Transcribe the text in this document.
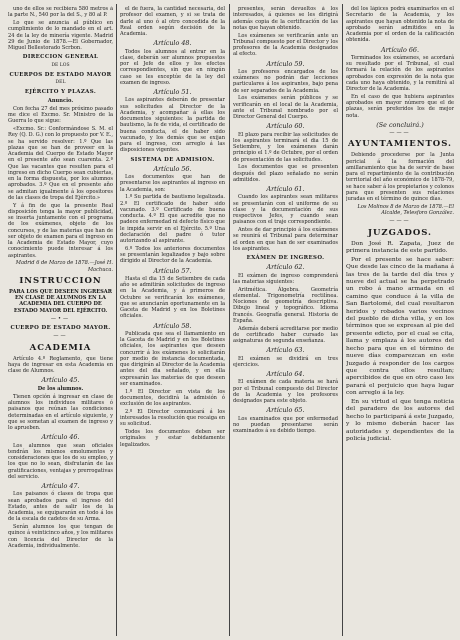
uno de ellos se recibiera 580 metros á la parte N., 540 por la del S., y 80 al P.

Lo que se anuncia al público en cumplimiento de lo mandado en el art. 24 de la ley de minería vigente. Madrid 29 de Junio de 1878.—El Gobernador, Miguel Bellestorado Scrbon.

DIRECCION GENERAL
DE LOS
CUERPOS DE ESTADO MAYOR
DEL
EJÉRCITO Y PLAZAS.
Anuncio.

Con fecha 27 del mes próximo pasado me dice el Excmo. Sr. Ministro de la Guerra lo que sigue:

«Excmo. Sr.: Conformándose S. M. el Rey (Q. D. G.) con lo propuesto por V. E., se ha servido resolver: 1.º Que las plazas que se han de proveer en la Academia del Cuerpo de Estado Mayor en el presente año sean cuarenta. 2.º Que las vacantes que resulten para el ingreso en dicho Cuerpo sean cubiertas, en la forma dispuesta, por los alumnos aprobados. 3.º Que en el presente año se admitan igualmente á los opositores de las clases de tropa del Ejército.»

Y á fin de que la presente Real disposición tenga la mayor publicidad, se inserta juntamente con el programa de los exámenes, objeto de los concursos, y de las materias que han de ser objeto de examen para el ingreso en la Academia de Estado Mayor, cuyo conocimiento puede interesar á los aspirantes.

Madrid 6 de Marzo de 1878.—José H. Machuca.

INSTRUCCION

PARA LOS QUE DESEEN INGRESAR EN CLASE DE ALUMNOS EN LA ACADEMIA DEL CUERPO DE ESTADO MAYOR DEL EJÉRCITO.

—•—
CUERPO DE ESTADO MAYOR.
——
ACADEMIA

Artículo 4.º Reglamento, que tiene haya de ingresar en esta Academia en clase de Alumnos.

Artículo 45.
De los alumnos.

Tienen opción á ingresar en clase de alumnos los individuos militares ó paisanos que reúnan las condiciones determinadas en el artículo siguiente, y que se sometan al examen de ingreso y lo aprueben.

Artículo 46.

Los alumnos que sean oficiales tendrán los mismos emolumentos y consideraciones que los de su empleo, y los que no lo sean, disfrutarán de las gratificaciones, ventajas y prerrogativas del servicio.

Artículo 47.

Los paisanos ó clases de tropa que sean aprobados para el ingreso del Estado, antes de salir los de la Academia, se equipararán en todo á los de la escala de cadetes de su Arma.

Serán alumnos los que tengan de quince á veinticinco años, y los militares con licencia del Director de la Academia, individualmente.

el de fuera, la cantidad necesaria, del profesor del examen, y si se trata de darle al uno ó al otro concedida de la Real orden según decisión de la Academia.

Artículo 48.

Todos los alumnos al entrar en la clase, deberán ser alumnos propuestos por el Jefe de ellos y los efectos correspondientes, sin que en ningún caso se les exceptúe de la ley del examen de ingreso.

Artículo 51.

Los aspirantes deberán de presentar sus solicitudes al Director de la Academia, y acompañar á ellas los documentos siguientes: la partida de bautismo, la fe de vida, el certificado de buena conducta, el de haber sido vacunado, y los demás que se exijan para el ingreso, con arreglo á las disposiciones vigentes.

SISTEMA DE ADMISION.
Artículo 56.

Los documentos que han de presentarse los aspirantes al ingreso en la Academia, son:

1.º Su partida de bautismo legalizada. 2.º El certificado de haber sido vacunado. 3.º Certificado de buena conducta. 4.º El que acredite que no padece enfermedad ni defecto físico que le impida servir en el Ejército. 5.º Una declaración del padre ó tutor autorizando al aspirante.

6.º Todos los anteriores documentos se presentarán legalizados y bajo sobre dirigido al Director de la Academia.

Artículo 57.

Hasta el dia 15 de Setiembre de cada año se admitirán solicitudes de ingreso en la Academia, y á primeros de Octubre se verificarán los exámenes, que se anunciarán oportunamente en la Gaceta de Madrid y en los Boletines oficiales.

Artículo 58.

Publicada que sea el llamamiento en la Gaceta de Madrid y en los Boletines oficiales, los aspirantes que deseen concurrir á los exámenes lo solicitarán por medio de instancia documentada, que dirigirán al Director de la Academia antes del dia señalado, y en ella expresarán las materias de que deseen ser examinados.

1.º El Director en vista de los documentos, decidirá la admisión ó exclusión de los aspirantes.

2.º El Director comunicará á los interesados la resolución que recaiga en su solicitud.

Todos los documentos deben ser originales y estar debidamente legalizados.

presentes, serán devueltos á los interesados, á quienes se les dirigirá además copia de la certificación de las notas que hayan obtenido.

Los exámenes se verificarán ante un Tribunal compuesto por el Director y los profesores de la Academia designados al efecto.

Artículo 59.

Los profesores encargados de los exámenes no podrán dar lecciones particulares á los aspirantes, bajo pena de ser separados de la Academia.

Los exámenes serán públicos y se verificarán en el local de la Academia, ante el Tribunal nombrado por el Director General del Cuerpo.

Artículo 60.

El plazo para recibir las solicitudes de los aspirantes terminará el dia 15 de Setiembre, y los exámenes darán principio el 1.º de Octubre, por el orden de presentación de las solicitudes.

Los documentos que se presenten después del plazo señalado no serán admitidos.

Artículo 61.

Cuando los aspirantes sean militares se presentarán con el uniforme de su clase y la documentación de sus respectivos Jefes, y cuando sean paisanos con el traje correspondiente.

Antes de dar principio á los exámenes se reunirá el Tribunal para determinar el orden en que han de ser examinados los aspirantes.

EXÁMEN DE INGRESO.
Artículo 62.

El exámen de ingreso comprenderá las materias siguientes:

Aritmética. Álgebra. Geometría elemental. Trigonometría rectilínea. Nociones de geometría descriptiva. Dibujo lineal y topográfico. Idioma francés. Geografía general. Historia de España.

Además deberá acreditarse por medio de certificado haber cursado las asignaturas de segunda enseñanza.

Artículo 63.

El exámen se dividirá en tres ejercicios.

Artículo 64.

El exámen de cada materia se hará por el Tribunal compuesto del Director de la Academia y los profesores designados para este objeto.

Artículo 65.

Los examinados que por enfermedad no puedan presentarse serán examinados á su debido tiempo.

del los lápices podrá examinarlos en el Secretario de la Academia, y los aspirantes que hayan obtenido la nota de aprobado serán admitidos en la Academia por el orden de la calificación obtenida.

Artículo 66.

Terminados los exámenes, se acordará su resultado por el Tribunal, el cual formará la relación de los aspirantes aprobados con expresión de la nota que cada uno haya obtenido, y la remitirá al Director de la Academia.

En el caso de que hubiera aspirantes aprobados en mayor número que el de plazas, serán preferidos los de mejor nota.

(Se concluirá.)
———
AYUNTAMIENTOS.

Debiendo procederse por la Junta pericial á la formación del amillaramiento que ha de servir de base para el repartimiento de la contribución territorial del año económico de 1878-79, se hace saber á los propietarios y colonos para que presenten sus relaciones juradas en el término de quince días.

Los Molinos 8 de Marzo de 1878.—El Alcalde, Telesforo González.

———
JUZGADOS.

Don José R. Zapata, Juez de primera instancia de este partido.

Por el presente se hace saber: Que desde las cinco de la mañana á las tres de la tarde del día tres y nueve del actual se ha perpetrado un robo á mano armada en el camino que conduce á la villa de San Bartolomé, del cual resultaron heridos y robados varios vecinos del pueblo de dicha villa, y en los términos que se expresan al pie del presente edicto, por el cual se cita, llama y emplaza á los autores del hecho para que en el término de nueve días comparezcan en este Juzgado á responder de los cargos que contra ellos resultan; apercibidos de que en otro caso les parará el perjuicio que haya lugar con arreglo á la ley.

En su virtud el que tenga noticia del paradero de los autores del hecho lo participará á este Juzgado, y lo mismo deberán hacer las autoridades y dependientes de la policía judicial.
